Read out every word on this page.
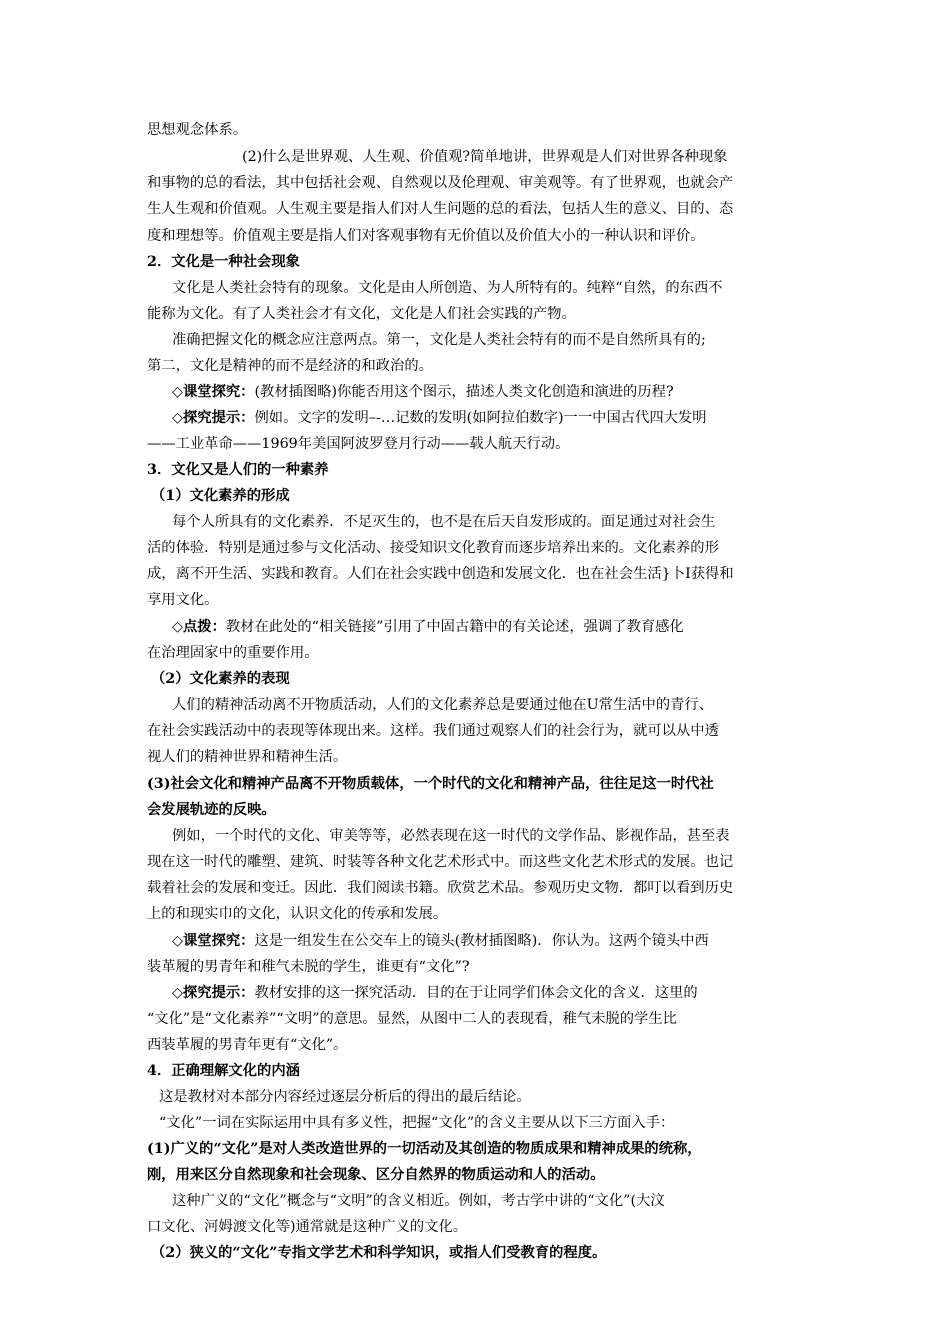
思想观念体系。
(2)什么是世界观、人生观、价值观?简单地讲，世界观是人们对世界各种现象
和事物的总的看法，其中包括社会观、自然观以及伦理观、审美观等。有了世界观，也就会产
生人生观和价值观。人生观主要是指人们对人生问题的总的看法，包括人生的意义、目的、态
度和理想等。价值观主要是指人们对客观事物有无价值以及价值大小的一种认识和评价。
2．文化是一种社会现象
文化是人类社会特有的现象。文化是由人所创造、为人所特有的。纯粹“自然，的东西不
能称为文化。有了人类社会才有文化，文化是人们社会实践的产物。
准确把握文化的概念应注意两点。第一，文化是人类社会特有的而不是自然所具有的;
第二，文化是精神的而不是经济的和政治的。
◇课堂探究：(教材插图略)你能否用这个图示，描述人类文化创造和演进的历程?
◇探究提示：例如。文字的发明–-…记数的发明(如阿拉伯数字)一一中国古代四大发明
——工业革命——1969年美国阿波罗登月行动——载人航天行动。
3．文化又是人们的一种素养
（1）文化素养的形成
每个人所具有的文化素养．不足灭生的，也不是在后天自发形成的。面足通过对社会生
活的体验．特别是通过参与文化活动、接受知识文化教育而逐步培养出来的。文化素养的形
成，离不开生活、实践和教育。人们在社会实践中创造和发展文化．也在社会生活}卜I获得和
享用文化。
◇点拨：教材在此处的“相关链接”引用了中固古籍中的有关论述，强调了教育感化
在治理固家中的重要作用。
（2）文化素养的表现
人们的精神活动离不开物质活动，人们的文化素养总是要通过他在U常生活中的青行、
在社会实践活动中的表现等体现出来。这样。我们通过观察人们的社会行为，就可以从中透
视人们的精神世界和精神生活。
(3)社会文化和精神产品离不开物质载体，一个时代的文化和精神产品，往往足这一时代社
会发展轨迹的反映。
例如，一个时代的文化、审美等等，必然表现在这一时代的文学作品、影视作品，甚至表
现在这一时代的雕塑、建筑、时装等各种文化艺术形式中。而这些文化艺术形式的发展。也记
载着社会的发展和变迁。因此．我们阅读书籍。欣赏艺术品。参观历史文物．都叮以看到历史
上的和现实巾的文化，认识文化的传承和发展。
◇课堂探究：这是一组发生在公交车上的镜头(教材插图略)．你认为。这两个镜头中西
装革履的男青年和稚气未脱的学生，谁更有“文化”?
◇探究提示：教材安排的这一探究活动．目的在于让同学们体会文化的含义．这里的
“文化”是“文化素养”“文明”的意思。显然，从图中二人的表现看，稚气未脱的学生比
西装革履的男青年更有“文化”。
4．正确理解文化的内涵
这是教材对本部分内容经过逐层分析后的得出的最后结论。
“文化”一词在实际运用中具有多义性，把握“文化”的含义主要从以下三方面入手：
(1)广义的“文化”是对人类改造世界的一切活动及其创造的物质成果和精神成果的统称，
刚，用来区分自然现象和社会现象、区分自然界的物质运动和人的活动。
这种广义的“文化”概念与“文明”的含义相近。例如，考古学中讲的“文化”(大汶
口文化、河姆渡文化等)通常就是这种广义的文化。
（2）狭义的“文化”专指文学艺术和科学知识，或指人们受教育的程度。
